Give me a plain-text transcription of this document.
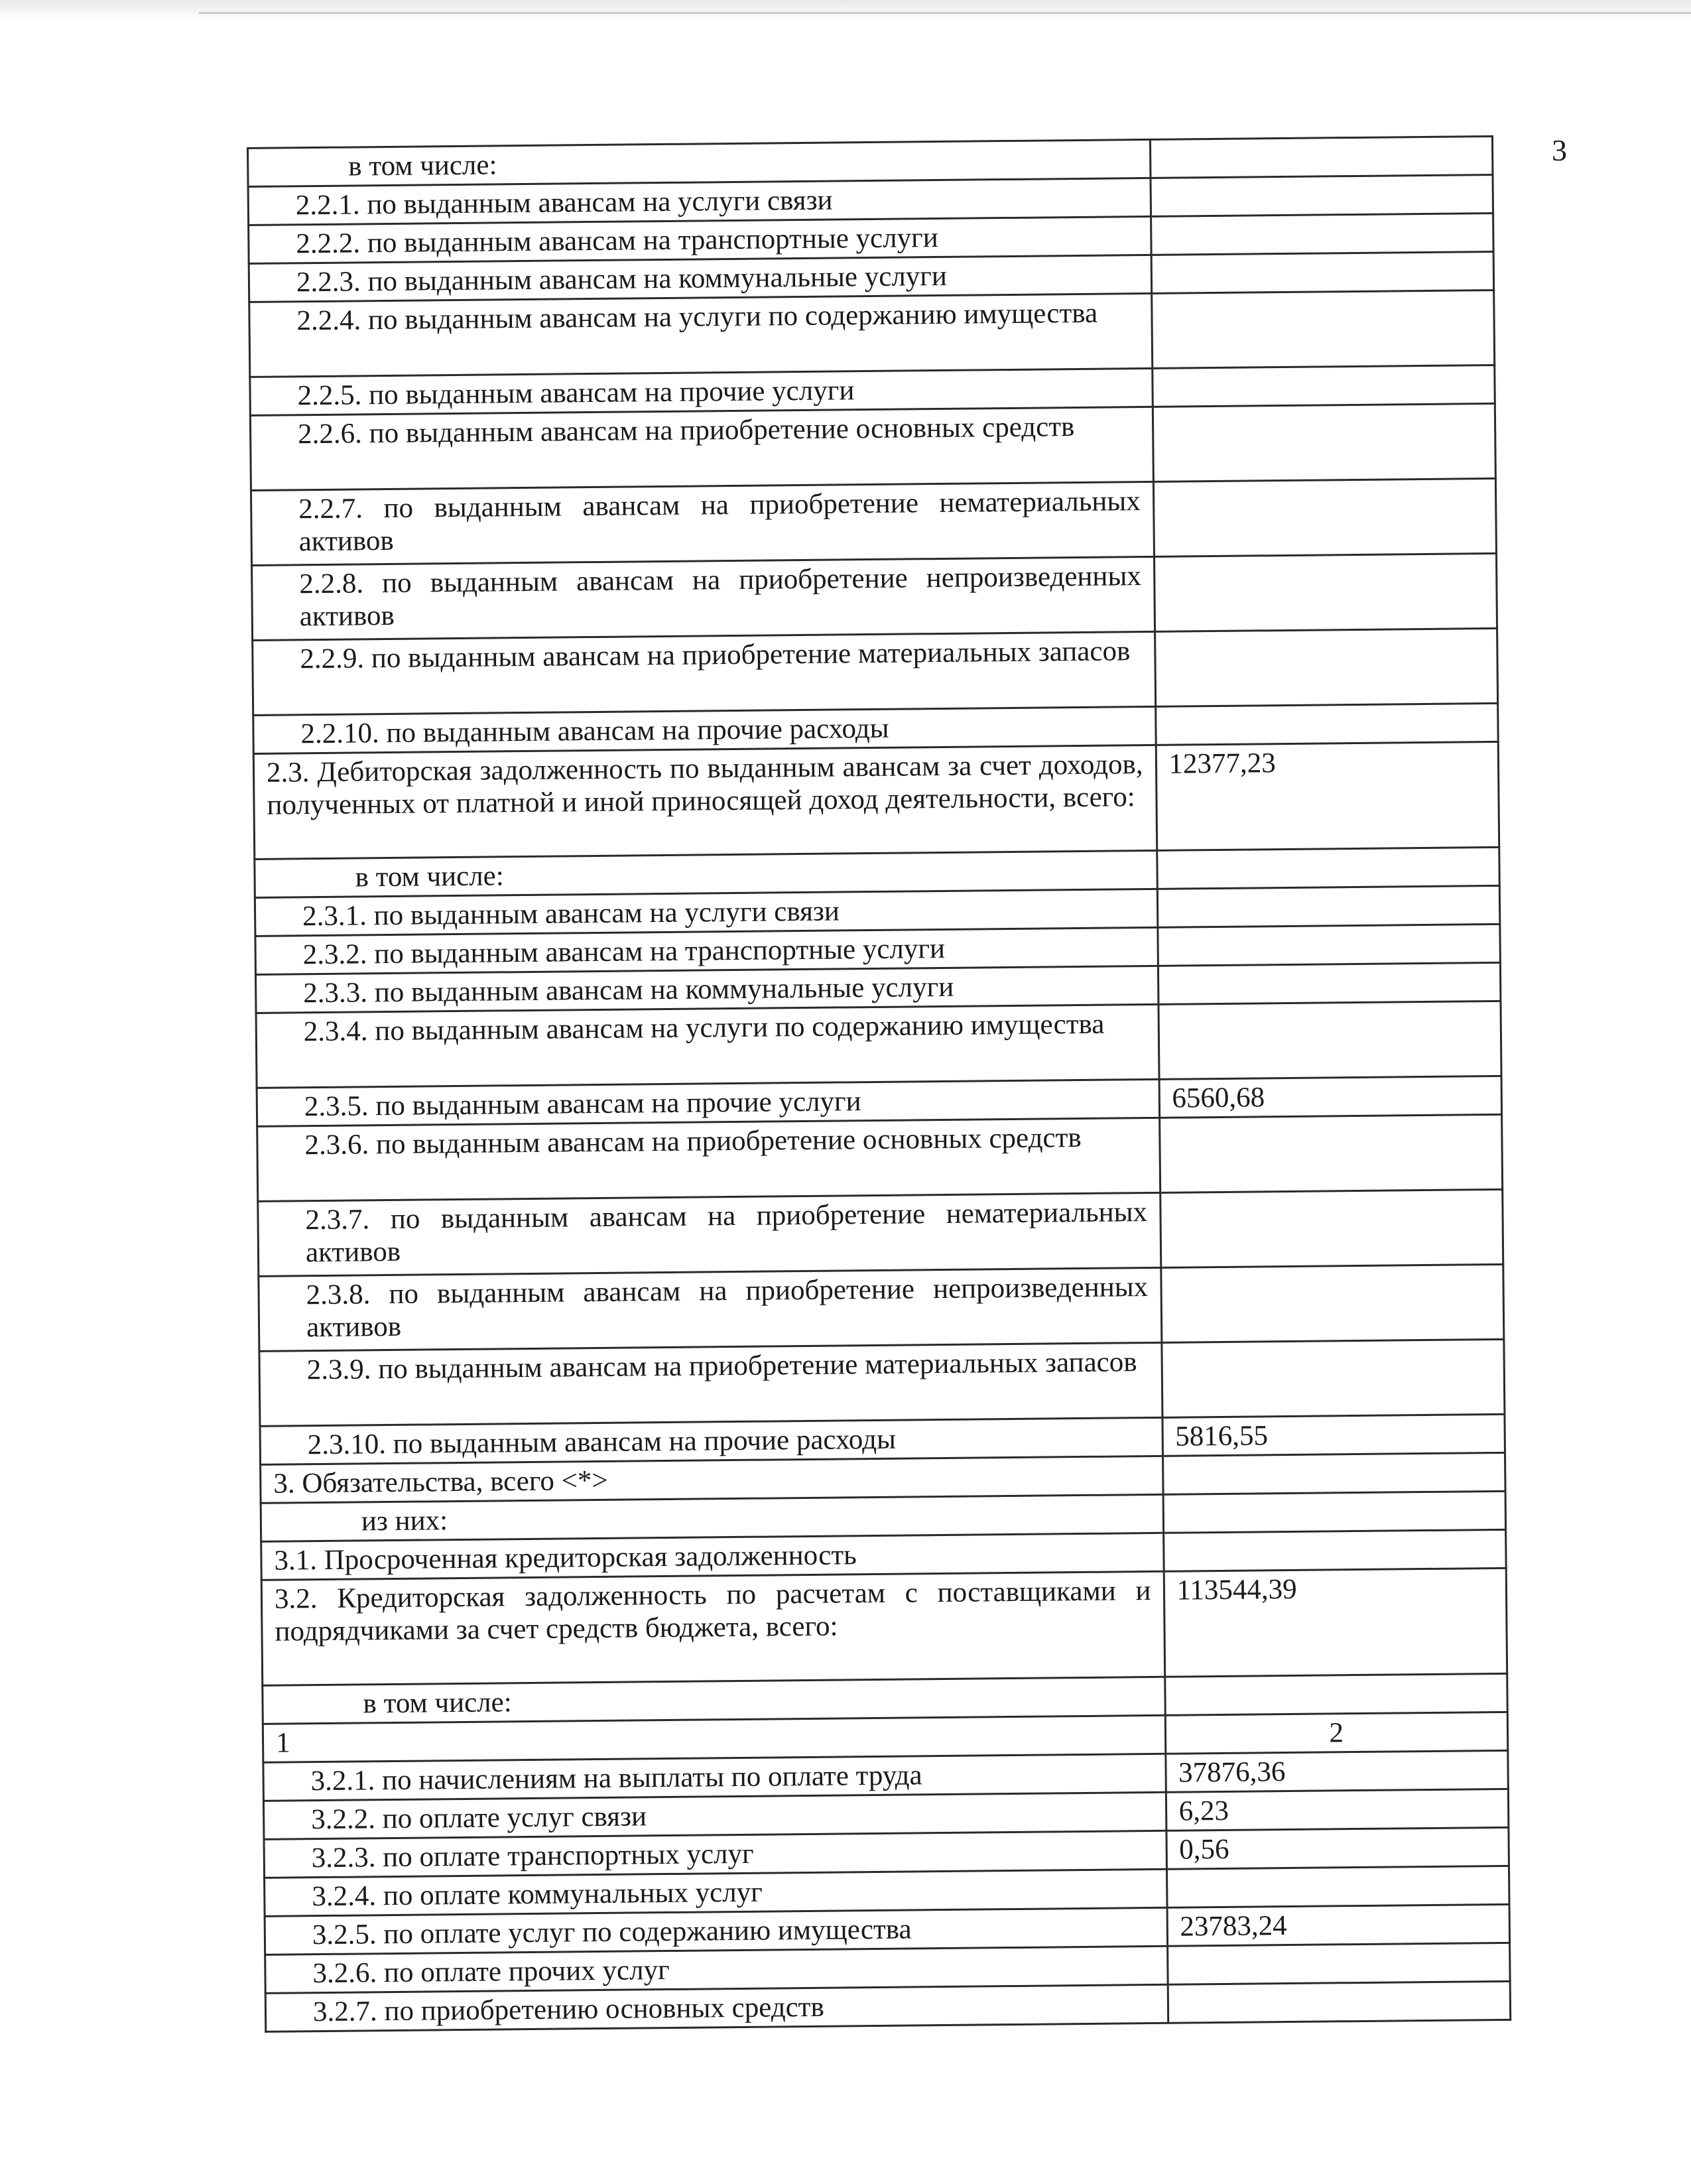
3
в том числе:	
2.2.1. по выданным авансам на услуги связи	
2.2.2. по выданным авансам на транспортные услуги	
2.2.3. по выданным авансам на коммунальные услуги	
2.2.4. по выданным авансам на услуги по содержанию имущества	
2.2.5. по выданным авансам на прочие услуги	
2.2.6. по выданным авансам на приобретение основных средств	
2.2.7. по выданным авансам на приобретение нематериальных активов	
2.2.8. по выданным авансам на приобретение непроизведенных активов	
2.2.9. по выданным авансам на приобретение материальных запасов	
2.2.10. по выданным авансам на прочие расходы	
2.3. Дебиторская задолженность по выданным авансам за счет доходов, полученных от платной и иной приносящей доход деятельности, всего:	12377,23
в том числе:	
2.3.1. по выданным авансам на услуги связи	
2.3.2. по выданным авансам на транспортные услуги	
2.3.3. по выданным авансам на коммунальные услуги	
2.3.4. по выданным авансам на услуги по содержанию имущества	
2.3.5. по выданным авансам на прочие услуги	6560,68
2.3.6. по выданным авансам на приобретение основных средств	
2.3.7. по выданным авансам на приобретение нематериальных активов	
2.3.8. по выданным авансам на приобретение непроизведенных активов	
2.3.9. по выданным авансам на приобретение материальных запасов	
2.3.10. по выданным авансам на прочие расходы	5816,55
3. Обязательства, всего <*>	
из них:	
3.1. Просроченная кредиторская задолженность	
3.2. Кредиторская задолженность по расчетам с поставщиками и подрядчиками за счет средств бюджета, всего:	113544,39
в том числе:	
1	2
3.2.1. по начислениям на выплаты по оплате труда	37876,36
3.2.2. по оплате услуг связи	6,23
3.2.3. по оплате транспортных услуг	0,56
3.2.4. по оплате коммунальных услуг	
3.2.5. по оплате услуг по содержанию имущества	23783,24
3.2.6. по оплате прочих услуг	
3.2.7. по приобретению основных средств	
